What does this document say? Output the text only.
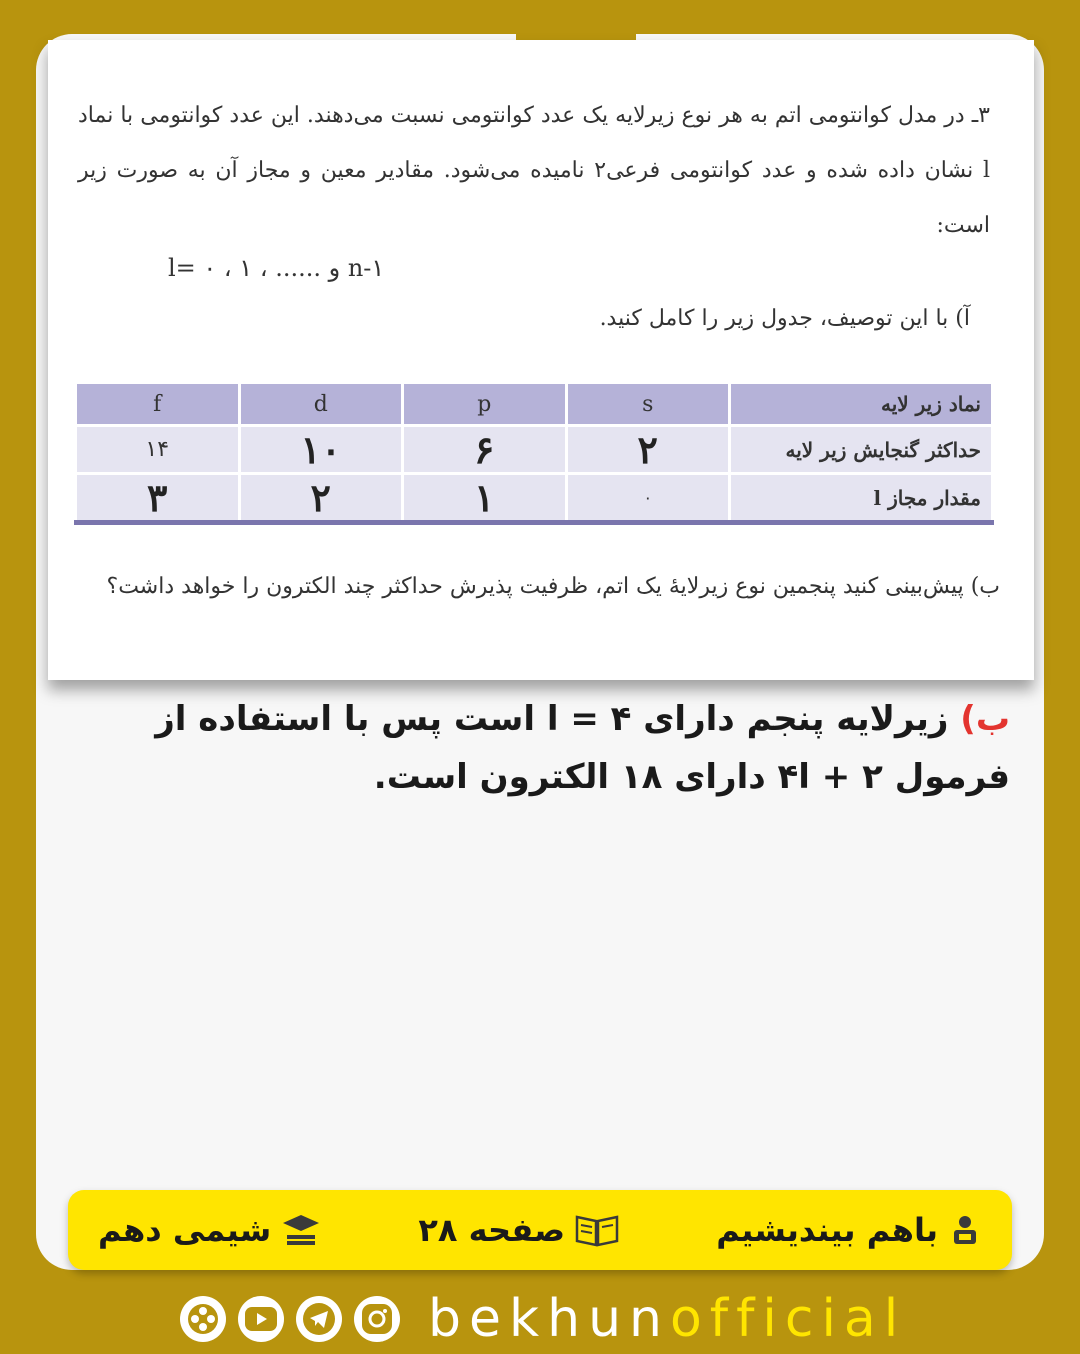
۳ـ در مدل کوانتومی اتم به هر نوع زیرلایه یک عدد کوانتومی نسبت می‌دهند. این عدد کوانتومی با نماد l نشان داده شده و عدد کوانتومی فرعی۲ نامیده می‌شود. مقادیر معین و مجاز آن به صورت زیر است:

l= ۰ ، ۱ ، ...... و n-۱

آ) با این توصیف، جدول زیر را کامل کنید.

نماد زیر لایه	s	p	d	f
حداکثر گنجایش زیر لایه	۲	۶	۱۰	۱۴
مقدار مجاز l	۰	۱	۲	۳

ب) پیش‌بینی کنید پنجمین نوع زیرلایهٔ یک اتم، ظرفیت پذیرش حداکثر چند الکترون را خواهد داشت؟

ب) زیرلایه پنجم دارای ۴ = l است پس با استفاده از فرمول ۲ + ۴l دارای ۱۸ الکترون است.
باهم بیندیشیم
صفحه ۲۸
شیمی دهم
bekhunofficial
